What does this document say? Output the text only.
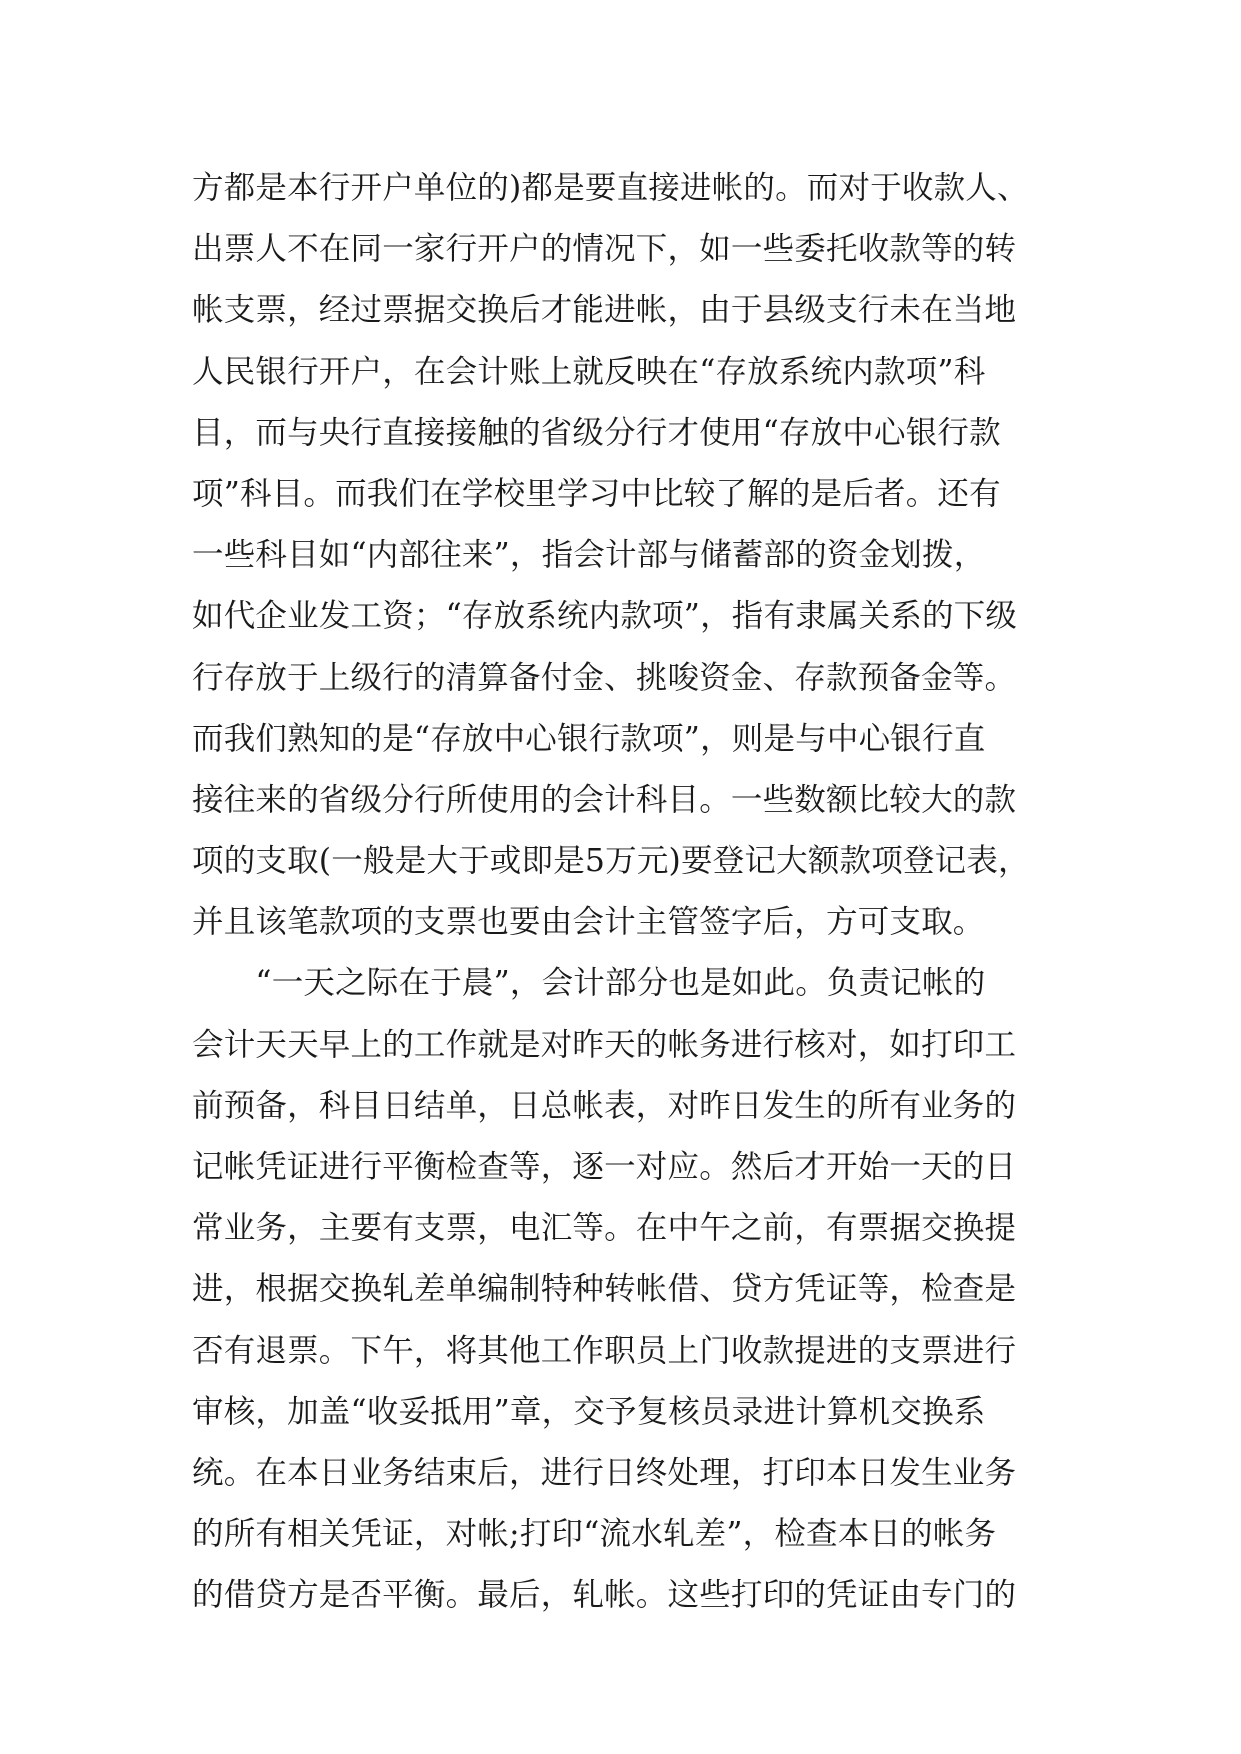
方都是本行开户单位的)都是要直接进帐的。而对于收款人、
出票人不在同一家行开户的情况下，如一些委托收款等的转
帐支票，经过票据交换后才能进帐，由于县级支行未在当地
人民银行开户，在会计账上就反映在“存放系统内款项”科
目，而与央行直接接触的省级分行才使用“存放中心银行款
项”科目。而我们在学校里学习中比较了解的是后者。还有
一些科目如“内部往来”，指会计部与储蓄部的资金划拨，
如代企业发工资；“存放系统内款项”，指有隶属关系的下级
行存放于上级行的清算备付金、挑唆资金、存款预备金等。
而我们熟知的是“存放中心银行款项”，则是与中心银行直
接往来的省级分行所使用的会计科目。一些数额比较大的款
项的支取(一般是大于或即是5万元)要登记大额款项登记表，
并且该笔款项的支票也要由会计主管签字后，方可支取。
　　“一天之际在于晨”，会计部分也是如此。负责记帐的
会计天天早上的工作就是对昨天的帐务进行核对，如打印工
前预备，科目日结单，日总帐表，对昨日发生的所有业务的
记帐凭证进行平衡检查等，逐一对应。然后才开始一天的日
常业务，主要有支票，电汇等。在中午之前，有票据交换提
进，根据交换轧差单编制特种转帐借、贷方凭证等，检查是
否有退票。下午，将其他工作职员上门收款提进的支票进行
审核，加盖“收妥抵用”章，交予复核员录进计算机交换系
统。在本日业务结束后，进行日终处理，打印本日发生业务
的所有相关凭证，对帐;打印“流水轧差”，检查本日的帐务
的借贷方是否平衡。最后，轧帐。这些打印的凭证由专门的
